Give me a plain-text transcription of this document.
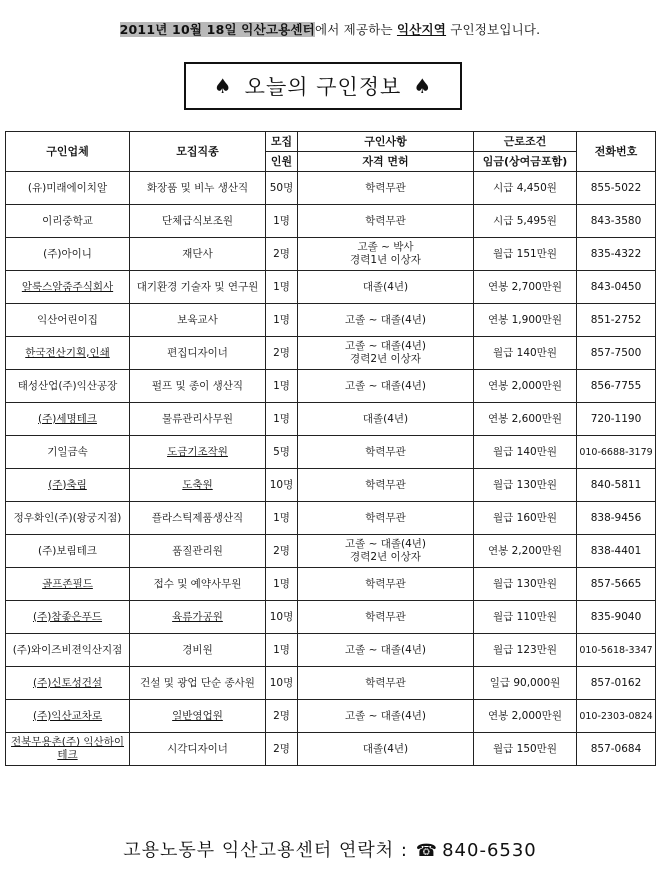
2011년 10월 18일 익산고용센터에서 제공하는 익산지역 구인정보입니다.
♠ 오늘의 구인정보 ♠
구인업체	모집직종	모집	구인사항	근로조건	전화번호
		인원	자격 면허	임금(상여금포함)	
(유)미래에이치알	화장품 및 비누 생산직	50명	학력무관	시급 4,450원	855-5022
이리중학교	단체급식보조원	1명	학력무관	시급 5,495원	843-3580
(주)아이니	재단사	2명	고졸 ~ 박사
경력1년 이상자	월급 151만원	835-4322
알룩스알줌주식회사	대기환경 기술자 및 연구원	1명	대졸(4년)	연봉 2,700만원	843-0450
익산어린이집	보육교사	1명	고졸 ~ 대졸(4년)	연봉 1,900만원	851-2752
한국전산기획,인쇄	편집디자이너	2명	고졸 ~ 대졸(4년)
경력2년 이상자	월급 140만원	857-7500
태성산업(주)익산공장	펄프 및 종이 생산직	1명	고졸 ~ 대졸(4년)	연봉 2,000만원	856-7755
(주)세명테크	물류관리사무원	1명	대졸(4년)	연봉 2,600만원	720-1190
기일금속	도금기조작원	5명	학력무관	월급 140만원	010-6688-3179
(주)축림	도축원	10명	학력무관	월급 130만원	840-5811
정우화인(주)(왕궁지점)	플라스틱제품생산직	1명	학력무관	월급 160만원	838-9456
(주)보림테크	품질관리원	2명	고졸 ~ 대졸(4년)
경력2년 이상자	연봉 2,200만원	838-4401
골프존필드	접수 및 예약사무원	1명	학력무관	월급 130만원	857-5665
(주)참좋은푸드	육류가공원	10명	학력무관	월급 110만원	835-9040
(주)와이즈비젼익산지점	경비원	1명	고졸 ~ 대졸(4년)	월급 123만원	010-5618-3347
(주)신토성건설	건설 및 광업 단순 종사원	10명	학력무관	일급 90,000원	857-0162
(주)익산교차로	일반영업원	2명	고졸 ~ 대졸(4년)	연봉 2,000만원	010-2303-0824
전북무용촌(주) 익산하이테크	시각디자이너	2명	대졸(4년)	월급 150만원	857-0684
고용노동부 익산고용센터 연락처 : ☎ 840-6530
